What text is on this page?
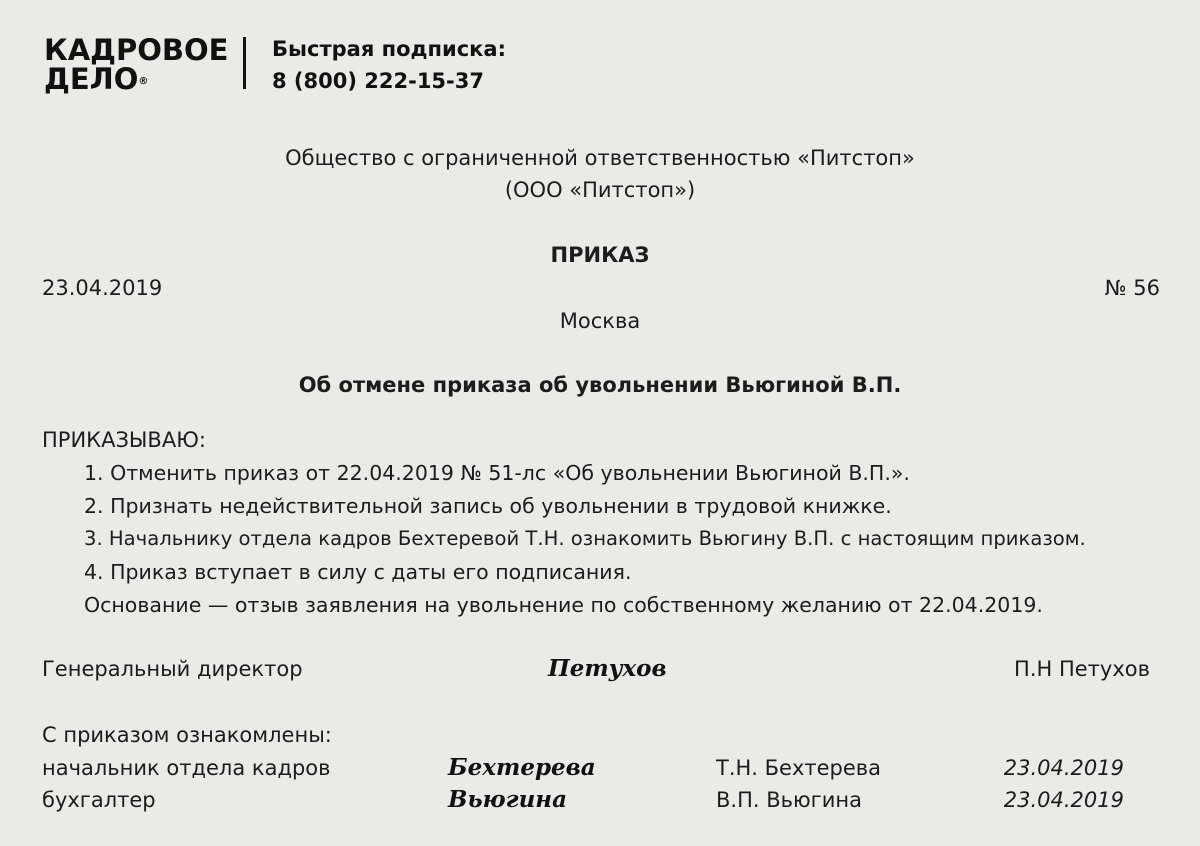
КАДРОВОЕ
ДЕЛО®
Быстрая подписка:
8 (800) 222-15-37
Общество с ограниченной ответственностью «Питстоп»
(ООО «Питстоп»)
ПРИКАЗ
23.04.2019	№ 56
Москва
Об отмене приказа об увольнении Вьюгиной В.П.
ПРИКАЗЫВАЮ:
1. Отменить приказ от 22.04.2019 № 51-лс «Об увольнении Вьюгиной В.П.».
2. Признать недействительной запись об увольнении в трудовой книжке.
3. Начальнику отдела кадров Бехтеревой Т.Н. ознакомить Вьюгину В.П. с настоящим приказом.
4. Приказ вступает в силу с даты его подписания.
Основание — отзыв заявления на увольнение по собственному желанию от 22.04.2019.
Генеральный директор	Петухов	П.Н Петухов
С приказом ознакомлены:
начальник отдела кадров	Бехтерева	Т.Н. Бехтерева	23.04.2019
бухгалтер	Вьюгина	В.П. Вьюгина	23.04.2019
